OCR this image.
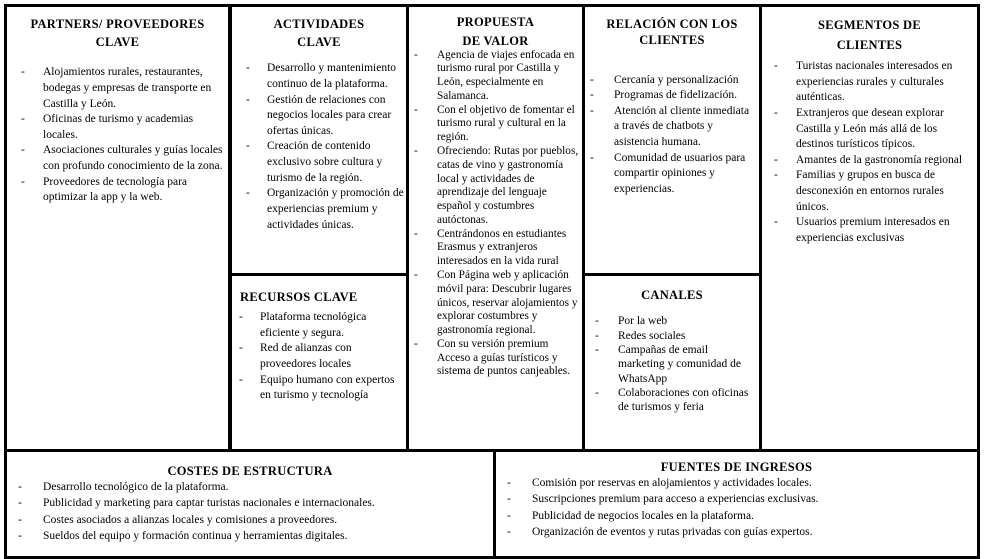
PARTNERS/ PROVEEDORES CLAVE
- Alojamientos rurales, restaurantes, bodegas y empresas de transporte en Castilla y León.
- Oficinas de turismo y academias locales.
- Asociaciones culturales y guías locales con profundo conocimiento de la zona.
- Proveedores de tecnología para optimizar la app y la web.
ACTIVIDADES
CLAVE
- Desarrollo y mantenimiento continuo de la plataforma.
- Gestión de relaciones con negocios locales para crear ofertas únicas.
- Creación de contenido exclusivo sobre cultura y turismo de la región.
- Organización y promoción de experiencias premium y actividades únicas.
RECURSOS CLAVE
- Plataforma tecnológica eficiente y segura.
- Red de alianzas con proveedores locales
- Equipo humano con expertos en turismo y tecnología
PROPUESTA
DE VALOR
- Agencia de viajes enfocada en turismo rural por Castilla y León, especialmente en Salamanca.
- Con el objetivo de fomentar el turismo rural y cultural en la región.
- Ofreciendo: Rutas por pueblos, catas de vino y gastronomía local y actividades de aprendizaje del lenguaje español y costumbres autóctonas.
- Centrándonos en estudiantes Erasmus y extranjeros interesados en la vida rural
- Con Página web y aplicación móvil para: Descubrir lugares únicos, reservar alojamientos y explorar costumbres y gastronomía regional.
- Con su versión premium Acceso a guías turísticos y sistema de puntos canjeables.
RELACIÓN CON LOS
CLIENTES
- Cercanía y personalización
- Programas de fidelización.
- Atención al cliente inmediata a través de chatbots y asistencia humana.
- Comunidad de usuarios para compartir opiniones y experiencias.
CANALES
- Por la web
- Redes sociales
- Campañas de email marketing y comunidad de WhatsApp
- Colaboraciones con oficinas de turismos y feria
SEGMENTOS DE
CLIENTES
- Turistas nacionales interesados en experiencias rurales y culturales auténticas.
- Extranjeros que desean explorar Castilla y León más allá de los destinos turísticos típicos.
- Amantes de la gastronomía regional
- Familias y grupos en busca de desconexión en entornos rurales únicos.
- Usuarios premium interesados en experiencias exclusivas
COSTES DE ESTRUCTURA
- Desarrollo tecnológico de la plataforma.
- Publicidad y marketing para captar turistas nacionales e internacionales.
- Costes asociados a alianzas locales y comisiones a proveedores.
- Sueldos del equipo y formación continua y herramientas digitales.
FUENTES DE INGRESOS
- Comisión por reservas en alojamientos y actividades locales.
- Suscripciones premium para acceso a experiencias exclusivas.
- Publicidad de negocios locales en la plataforma.
- Organización de eventos y rutas privadas con guías expertos.
